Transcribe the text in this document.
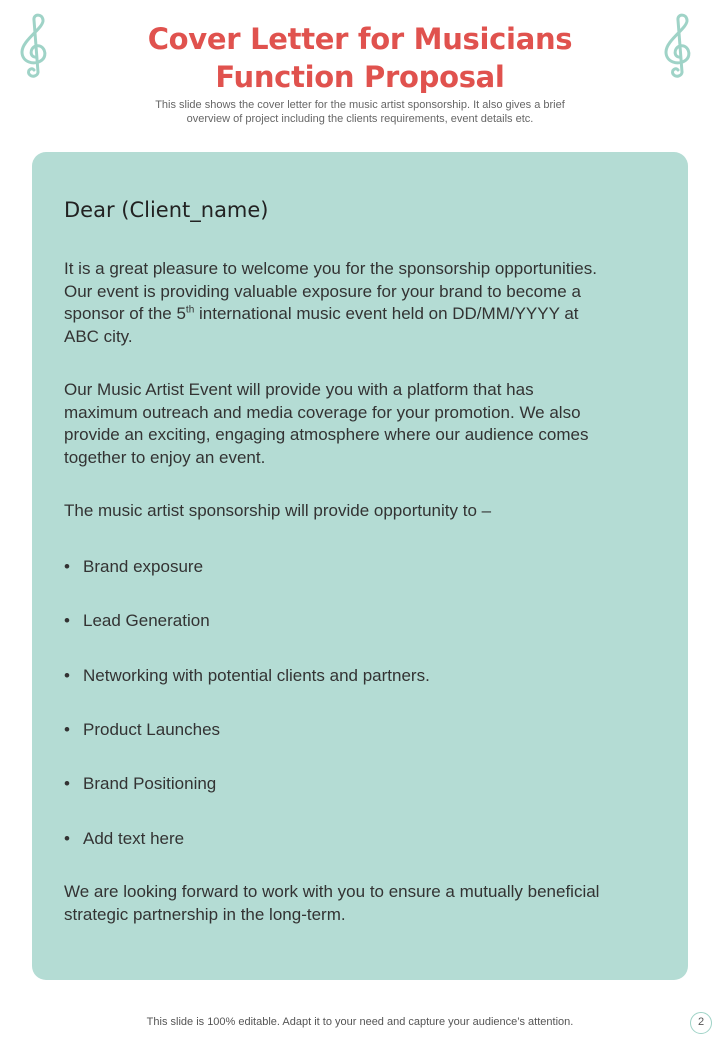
Cover Letter for Musicians
Function Proposal
This slide shows the cover letter for the music artist sponsorship. It also gives a brief
overview of project including the clients requirements, event details etc.
Dear (Client_name)
It is a great pleasure to welcome you for the sponsorship opportunities.
Our event is providing valuable exposure for your brand to become a
sponsor of the 5th international music event held on DD/MM/YYYY at
ABC city.
Our Music Artist Event will provide you with a platform that has
maximum outreach and media coverage for your promotion. We also
provide an exciting, engaging atmosphere where our audience comes
together to enjoy an event.
The music artist sponsorship will provide opportunity to –
• Brand exposure
• Lead Generation
• Networking with potential clients and partners.
• Product Launches
• Brand Positioning
• Add text here
We are looking forward to work with you to ensure a mutually beneficial
strategic partnership in the long-term.
This slide is 100% editable. Adapt it to your need and capture your audience’s attention.	2
